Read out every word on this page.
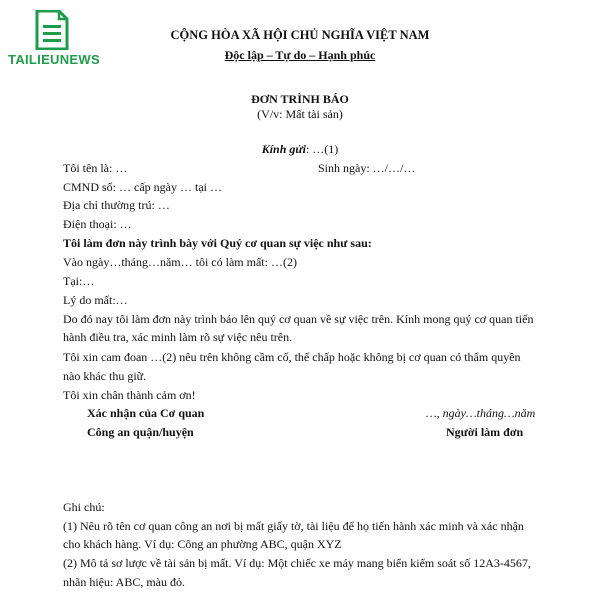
TAILIEUNEWS
CỘNG HÒA XÃ HỘI CHỦ NGHĨA VIỆT NAM
Độc lập – Tự do – Hạnh phúc
ĐƠN TRÌNH BÁO
(V/v: Mất tài sản)
Kính gửi: …(1)
Tôi tên là: …	Sinh ngày: …/…/…
CMND số: … cấp ngày … tại …
Địa chỉ thường trú: …
Điện thoại: …
Tôi làm đơn này trình bày với Quý cơ quan sự việc như sau:
Vào ngày…tháng…năm… tôi có làm mất: …(2)
Tại:…
Lý do mất:…
Do đó nay tôi làm đơn này trình báo lên quý cơ quan về sự việc trên. Kính mong quý cơ quan tiến
hành điều tra, xác minh làm rõ sự việc nêu trên.
Tôi xin cam đoan …(2) nêu trên không cầm cố, thế chấp hoặc không bị cơ quan có thẩm quyền
nào khác thu giữ.
Tôi xin chân thành cảm ơn!
Xác nhận của Cơ quan	…, ngày…tháng…năm
Công an quận/huyện	Người làm đơn
Ghi chú:
(1) Nêu rõ tên cơ quan công an nơi bị mất giấy tờ, tài liệu để họ tiến hành xác minh và xác nhận
cho khách hàng. Ví dụ: Công an phường ABC, quận XYZ
(2) Mô tả sơ lược về tài sản bị mất. Ví dụ: Một chiếc xe máy mang biển kiểm soát số 12A3-4567,
nhãn hiệu: ABC, màu đỏ.
